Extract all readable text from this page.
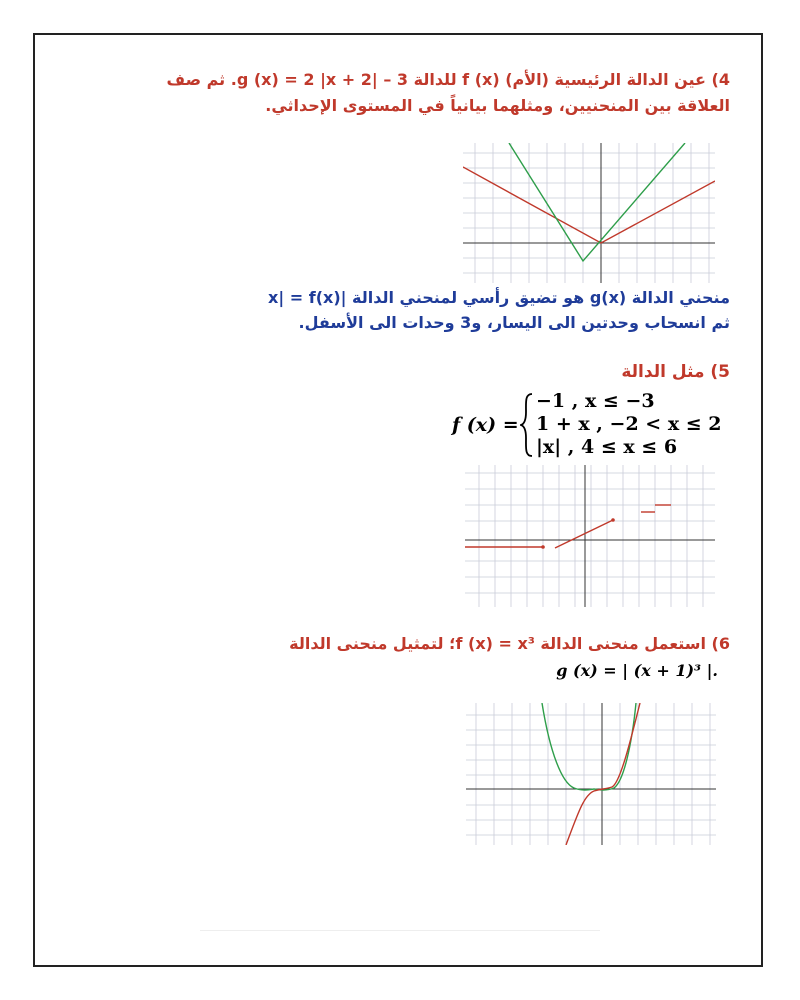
4) عين الدالة الرئيسية (الأم) f (x) للدالة 3 – |2 + g (x) = 2 |x. ثم صف
العلاقة بين المنحنيين، ومثلهما بيانياً في المستوى الإحداثي.
منحني الدالة g(x) هو تضيق رأسي لمنحني الدالة |x| = f(x)
ثم انسحاب وحدتين الى اليسار، و3 وحدات الى الأسفل.
5) مثل الدالة
f (x) =
−1 , x ≤ −3
1 + x , −2 < x ≤ 2
|x| , 4 ≤ x ≤ 6
6) استعمل منحنى الدالة f (x) = x³؛ لتمثيل منحنى الدالة
g (x) = | (x + 1)³ |.
